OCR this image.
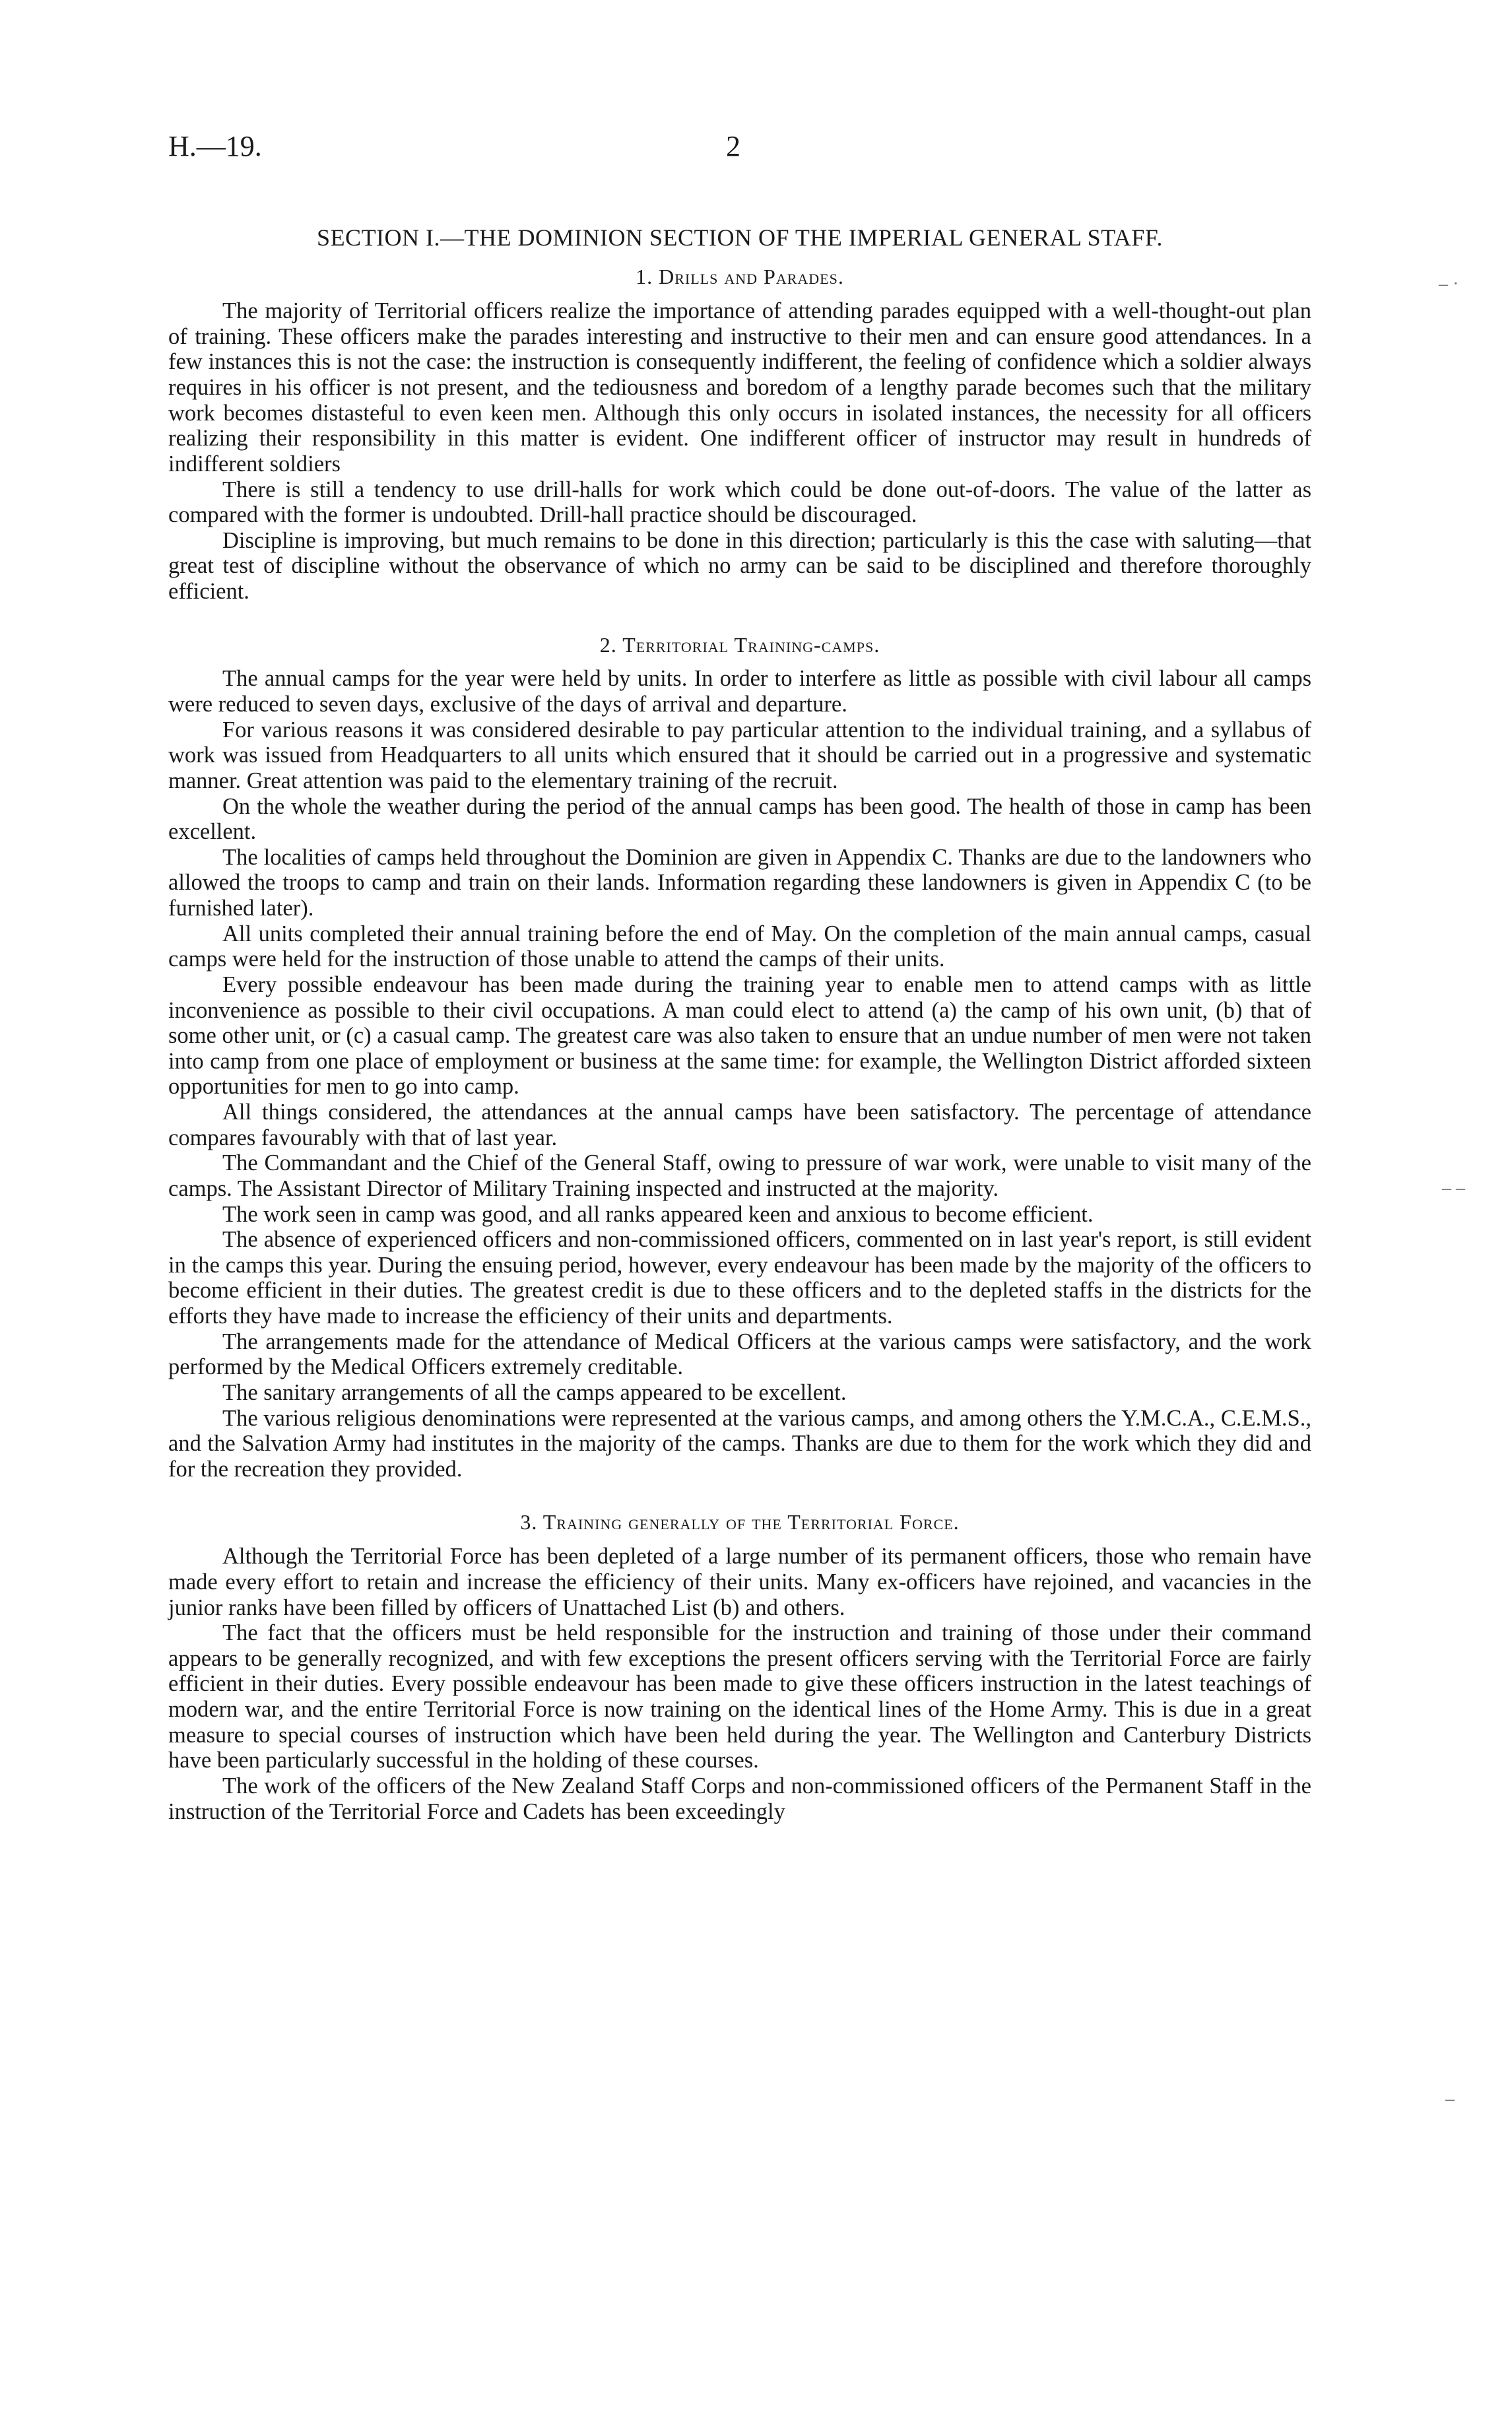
H.—19.	2
SECTION I.—THE DOMINION SECTION OF THE IMPERIAL GENERAL STAFF.
1. Drills and Parades.

The majority of Territorial officers realize the importance of attending parades equipped with a well-thought-out plan of training. These officers make the parades interesting and instructive to their men and can ensure good attendances. In a few instances this is not the case: the instruction is consequently indifferent, the feeling of confidence which a soldier always requires in his officer is not present, and the tediousness and boredom of a lengthy parade becomes such that the military work becomes distasteful to even keen men. Although this only occurs in isolated instances, the necessity for all officers realizing their responsibility in this matter is evident. One indifferent officer of instructor may result in hundreds of indifferent soldiers

There is still a tendency to use drill-halls for work which could be done out-of-doors. The value of the latter as compared with the former is undoubted. Drill-hall practice should be discouraged.

Discipline is improving, but much remains to be done in this direction; particularly is this the case with saluting—that great test of discipline without the observance of which no army can be said to be disciplined and therefore thoroughly efficient.

2. Territorial Training-camps.

The annual camps for the year were held by units. In order to interfere as little as possible with civil labour all camps were reduced to seven days, exclusive of the days of arrival and departure.

For various reasons it was considered desirable to pay particular attention to the individual training, and a syllabus of work was issued from Headquarters to all units which ensured that it should be carried out in a progressive and systematic manner. Great attention was paid to the elementary training of the recruit.

On the whole the weather during the period of the annual camps has been good. The health of those in camp has been excellent.

The localities of camps held throughout the Dominion are given in Appendix C. Thanks are due to the landowners who allowed the troops to camp and train on their lands. Information regarding these landowners is given in Appendix C (to be furnished later).

All units completed their annual training before the end of May. On the completion of the main annual camps, casual camps were held for the instruction of those unable to attend the camps of their units.

Every possible endeavour has been made during the training year to enable men to attend camps with as little inconvenience as possible to their civil occupations. A man could elect to attend (a) the camp of his own unit, (b) that of some other unit, or (c) a casual camp. The greatest care was also taken to ensure that an undue number of men were not taken into camp from one place of employment or business at the same time: for example, the Wellington District afforded sixteen opportunities for men to go into camp.

All things considered, the attendances at the annual camps have been satisfactory. The percentage of attendance compares favourably with that of last year.

The Commandant and the Chief of the General Staff, owing to pressure of war work, were unable to visit many of the camps. The Assistant Director of Military Training inspected and instructed at the majority.

The work seen in camp was good, and all ranks appeared keen and anxious to become efficient.

The absence of experienced officers and non-commissioned officers, commented on in last year's report, is still evident in the camps this year. During the ensuing period, however, every endeavour has been made by the majority of the officers to become efficient in their duties. The greatest credit is due to these officers and to the depleted staffs in the districts for the efforts they have made to increase the efficiency of their units and departments.

The arrangements made for the attendance of Medical Officers at the various camps were satisfactory, and the work performed by the Medical Officers extremely creditable.

The sanitary arrangements of all the camps appeared to be excellent.

The various religious denominations were represented at the various camps, and among others the Y.M.C.A., C.E.M.S., and the Salvation Army had institutes in the majority of the camps. Thanks are due to them for the work which they did and for the recreation they provided.

3. Training generally of the Territorial Force.

Although the Territorial Force has been depleted of a large number of its permanent officers, those who remain have made every effort to retain and increase the efficiency of their units. Many ex-officers have rejoined, and vacancies in the junior ranks have been filled by officers of Unattached List (b) and others.

The fact that the officers must be held responsible for the instruction and training of those under their command appears to be generally recognized, and with few exceptions the present officers serving with the Territorial Force are fairly efficient in their duties. Every possible endeavour has been made to give these officers instruction in the latest teachings of modern war, and the entire Territorial Force is now training on the identical lines of the Home Army. This is due in a great measure to special courses of instruction which have been held during the year. The Wellington and Canterbury Districts have been particularly successful in the holding of these courses.

The work of the officers of the New Zealand Staff Corps and non-commissioned officers of the Permanent Staff in the instruction of the Territorial Force and Cadets has been exceedingly

‒ ·
‒ ‒
‒
